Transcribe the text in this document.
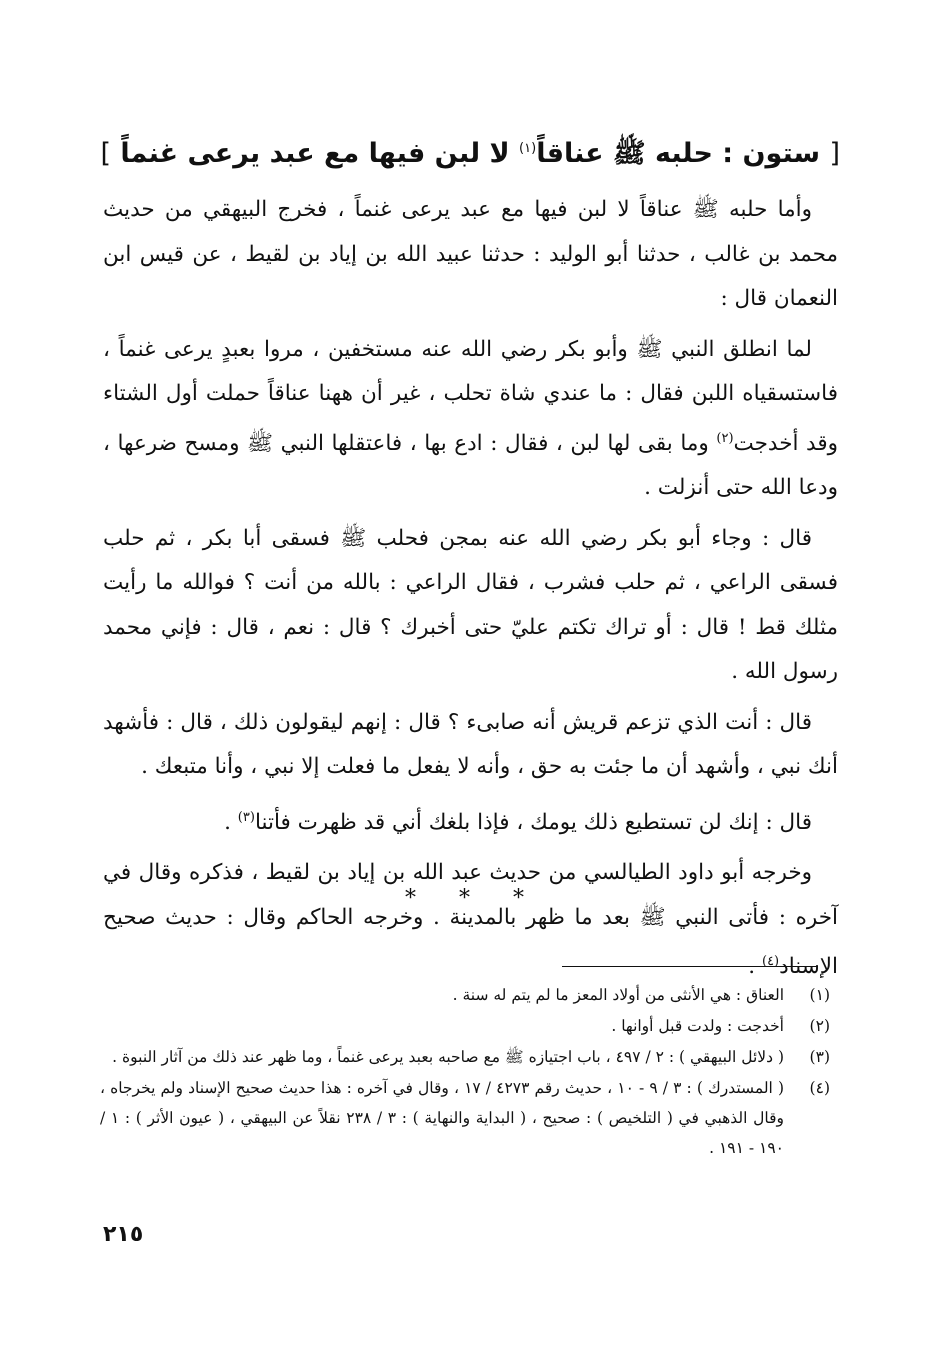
[ ستون : حلبه ﷺ عناقاً$^{(١)}$ لا لبن فيها مع عبد يرعى غنماً ]

وأما حلبه ﷺ عناقاً لا لبن فيها مع عبد يرعى غنماً ، فخرج البيهقي من حديث محمد بن غالب ، حدثنا أبو الوليد : حدثنا عبيد الله بن إياد بن لقيط ، عن قيس ابن النعمان قال :

لما انطلق النبي ﷺ وأبو بكر رضي الله عنه مستخفين ، مروا بعبدٍ يرعى غنماً ، فاستسقياه اللبن فقال : ما عندي شاة تحلب ، غير أن ههنا عناقاً حملت أول الشتاء وقد أخدجت$^{(٢)}$ وما بقى لها لبن ، فقال : ادع بها ، فاعتقلها النبي ﷺ ومسح ضرعها ، ودعا الله حتى أنزلت .

قال : وجاء أبو بكر رضي الله عنه بمجن فحلب ﷺ فسقى أبا بكر ، ثم حلب فسقى الراعي ، ثم حلب فشرب ، فقال الراعي : بالله من أنت ؟ فوالله ما رأيت مثلك قط ! قال : أو تراك تكتم عليّ حتى أخبرك ؟ قال : نعم ، قال : فإني محمد رسول الله .

قال : أنت الذي تزعم قريش أنه صابىء ؟ قال : إنهم ليقولون ذلك ، قال : فأشهد أنك نبي ، وأشهد أن ما جئت به حق ، وأنه لا يفعل ما فعلت إلا نبي ، وأنا متبعك .

قال : إنك لن تستطيع ذلك يومك ، فإذا بلغك أني قد ظهرت فأتنا$^{(٣)}$ .

وخرجه أبو داود الطيالسي من حديث عبد الله بن إياد بن لقيط ، فذكره وقال في آخره : فأتى النبي ﷺ بعد ما ظهر بالمدينة . وخرجه الحاكم وقال : حديث صحيح الإسناد$^{(٤)}$ .

* * *
(١)
العناق : هي الأنثى من أولاد المعز ما لم يتم له سنة .
(٢)
أخدجت : ولدت قبل أوانها .
(٣)
( دلائل البيهقي ) : ٢ / ٤٩٧ ، باب اجتيازه ﷺ مع صاحبه بعبد يرعى غنماً ، وما ظهر عند ذلك من آثار النبوة .
(٤)
( المستدرك ) : ٣ / ٩ - ١٠ ، حديث رقم ٤٢٧٣ / ١٧ ، وقال في آخره : هذا حديث صحيح الإسناد ولم يخرجاه ، وقال الذهبي في ( التلخيص ) : صحيح ، ( البداية والنهاية ) : ٣ / ٢٣٨ نقلاً عن البيهقي ، ( عيون الأثر ) : ١ / ١٩٠ - ١٩١ .
٢١٥
